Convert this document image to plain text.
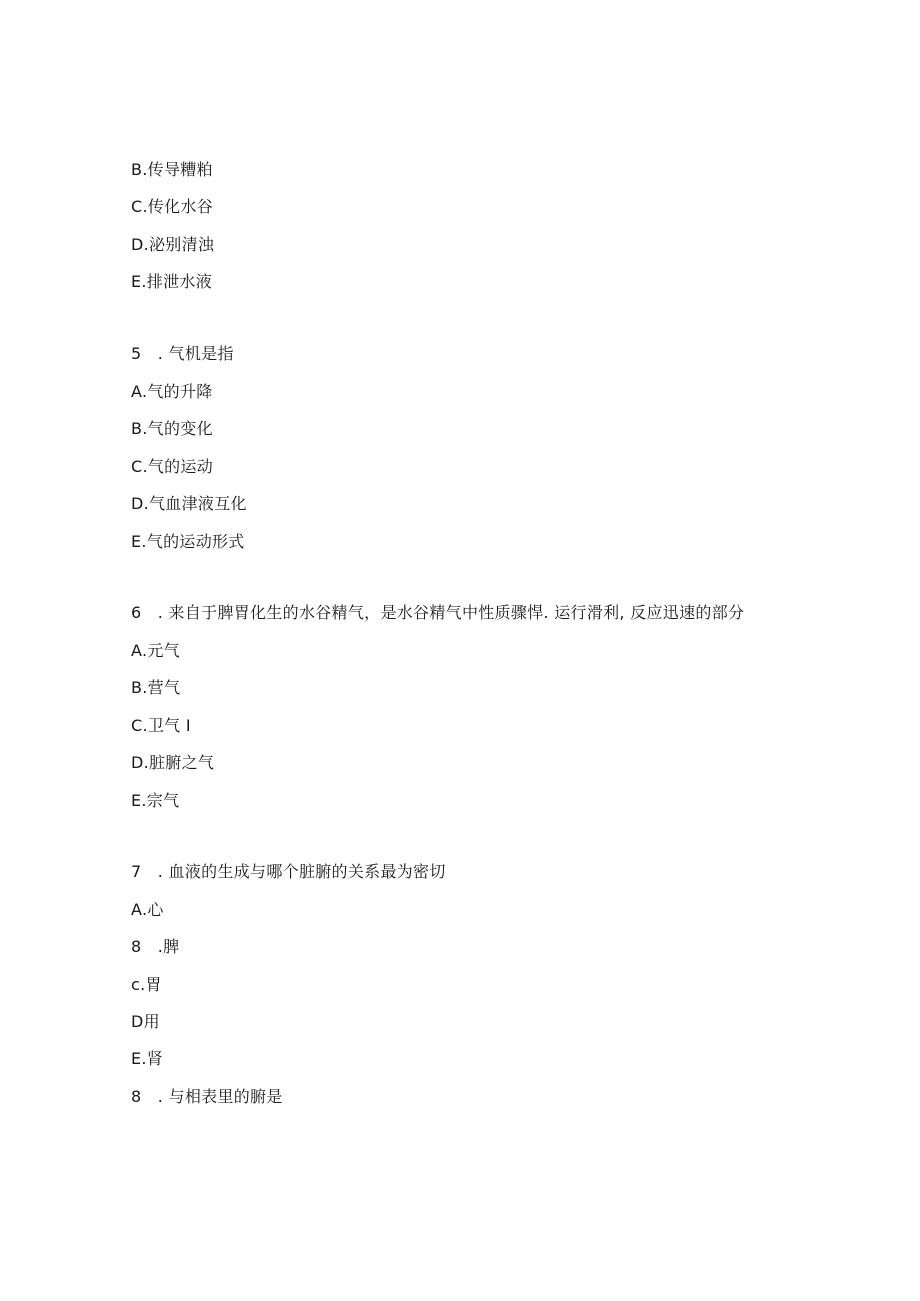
B.传导糟粕
C.传化水谷
D.泌别清浊
E.排泄水液
5 . 气机是指
A.气的升降
B.气的变化
C.气的运动
D.气血津液互化
E.气的运动形式
6 . 来自于脾胃化生的水谷精气，是水谷精气中性质骤悍. 运行滑利, 反应迅速的部分
A.元气
B.营气
C.卫气 I
D.脏腑之气
E.宗气
7 . 血液的生成与哪个脏腑的关系最为密切
A.心
8 .脾
c.胃
D用
E.肾
8 . 与相表里的腑是
